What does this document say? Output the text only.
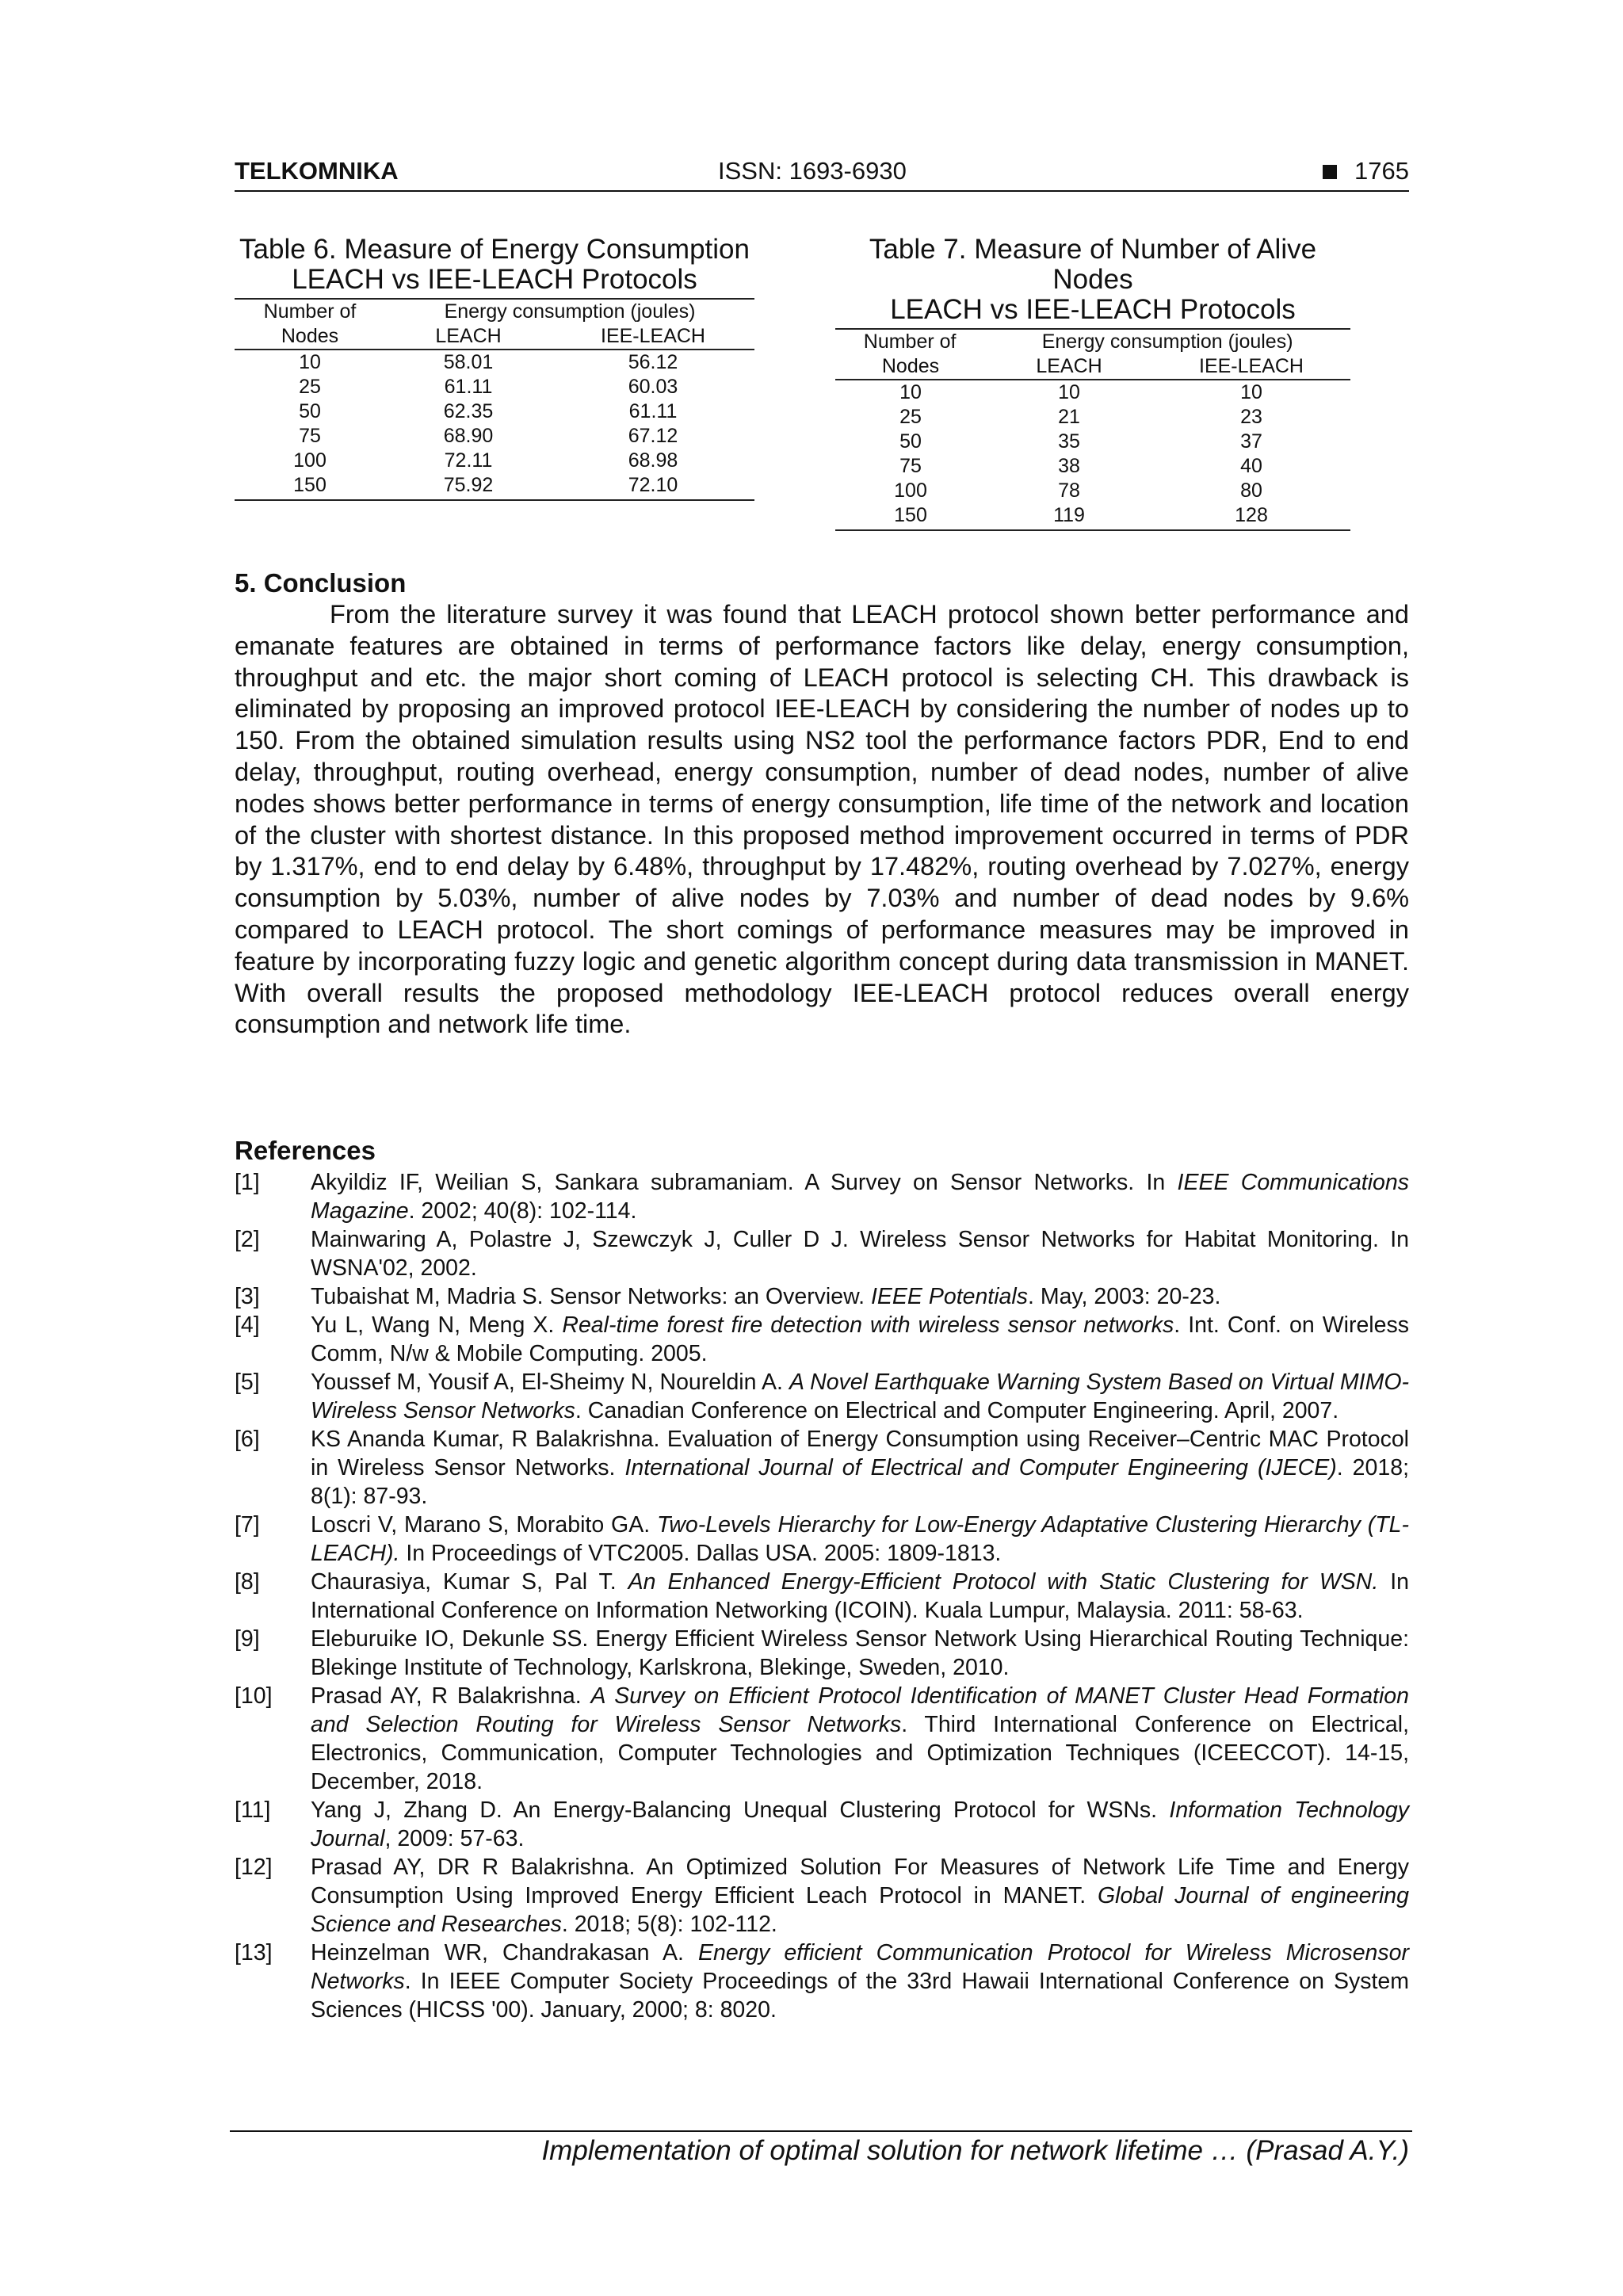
TELKOMNIKA	ISSN: 1693-6930	1765
Table 6. Measure of Energy Consumption
LEACH vs IEE-LEACH Protocols
Number of	Energy consumption (joules)
Nodes	LEACH	IEE-LEACH
10	58.01	56.12
25	61.11	60.03
50	62.35	61.11
75	68.90	67.12
100	72.11	68.98
150	75.92	72.10
Table 7. Measure of Number of Alive Nodes
LEACH vs IEE-LEACH Protocols
Number of	Energy consumption (joules)
Nodes	LEACH	IEE-LEACH
10	10	10
25	21	23
50	35	37
75	38	40
100	78	80
150	119	128
5. Conclusion

From the literature survey it was found that LEACH protocol shown better performance and emanate features are obtained in terms of performance factors like delay, energy consumption, throughput and etc. the major short coming of LEACH protocol is selecting CH. This drawback is eliminated by proposing an improved protocol IEE-LEACH by considering the number of nodes up to 150. From the obtained simulation results using NS2 tool the performance factors PDR, End to end delay, throughput, routing overhead, energy consumption, number of dead nodes, number of alive nodes shows better performance in terms of energy consumption, life time of the network and location of the cluster with shortest distance. In this proposed method improvement occurred in terms of PDR by 1.317%, end to end delay by 6.48%, throughput by 17.482%, routing overhead by 7.027%, energy consumption by 5.03%, number of alive nodes by 7.03% and number of dead nodes by 9.6% compared to LEACH protocol. The short comings of performance measures may be improved in feature by incorporating fuzzy logic and genetic algorithm concept during data transmission in MANET. With overall results the proposed methodology IEE-LEACH protocol reduces overall energy consumption and network life time.

References
[1]	Akyildiz IF, Weilian S, Sankara subramaniam. A Survey on Sensor Networks. In IEEE Communications Magazine. 2002; 40(8): 102-114.
[2]	Mainwaring A, Polastre J, Szewczyk J, Culler D J. Wireless Sensor Networks for Habitat Monitoring. In WSNA'02, 2002.
[3]	Tubaishat M, Madria S. Sensor Networks: an Overview. IEEE Potentials. May, 2003: 20-23.
[4]	Yu L, Wang N, Meng X. Real-time forest fire detection with wireless sensor networks. Int. Conf. on Wireless Comm, N/w & Mobile Computing. 2005.
[5]	Youssef M, Yousif A, El-Sheimy N, Noureldin A. A Novel Earthquake Warning System Based on Virtual MIMO-Wireless Sensor Networks. Canadian Conference on Electrical and Computer Engineering. April, 2007.
[6]	KS Ananda Kumar, R Balakrishna. Evaluation of Energy Consumption using Receiver–Centric MAC Protocol in Wireless Sensor Networks. International Journal of Electrical and Computer Engineering (IJECE). 2018; 8(1): 87-93.
[7]	Loscri V, Marano S, Morabito GA. Two-Levels Hierarchy for Low-Energy Adaptative Clustering Hierarchy (TL-LEACH). In Proceedings of VTC2005. Dallas USA. 2005: 1809-1813.
[8]	Chaurasiya, Kumar S, Pal T. An Enhanced Energy-Efficient Protocol with Static Clustering for WSN. In International Conference on Information Networking (ICOIN). Kuala Lumpur, Malaysia. 2011: 58-63.
[9]	Eleburuike IO, Dekunle SS. Energy Efficient Wireless Sensor Network Using Hierarchical Routing Technique: Blekinge Institute of Technology, Karlskrona, Blekinge, Sweden, 2010.
[10]	Prasad AY, R Balakrishna. A Survey on Efficient Protocol Identification of MANET Cluster Head Formation and Selection Routing for Wireless Sensor Networks. Third International Conference on Electrical, Electronics, Communication, Computer Technologies and Optimization Techniques (ICEECCOT). 14-15, December, 2018.
[11]	Yang J, Zhang D. An Energy-Balancing Unequal Clustering Protocol for WSNs. Information Technology Journal, 2009: 57-63.
[12]	Prasad AY, DR R Balakrishna. An Optimized Solution For Measures of Network Life Time and Energy Consumption Using Improved Energy Efficient Leach Protocol in MANET. Global Journal of engineering Science and Researches. 2018; 5(8): 102-112.
[13]	Heinzelman WR, Chandrakasan A. Energy efficient Communication Protocol for Wireless Microsensor Networks. In IEEE Computer Society Proceedings of the 33rd Hawaii International Conference on System Sciences (HICSS '00). January, 2000; 8: 8020.
Implementation of optimal solution for network lifetime … (Prasad A.Y.)
